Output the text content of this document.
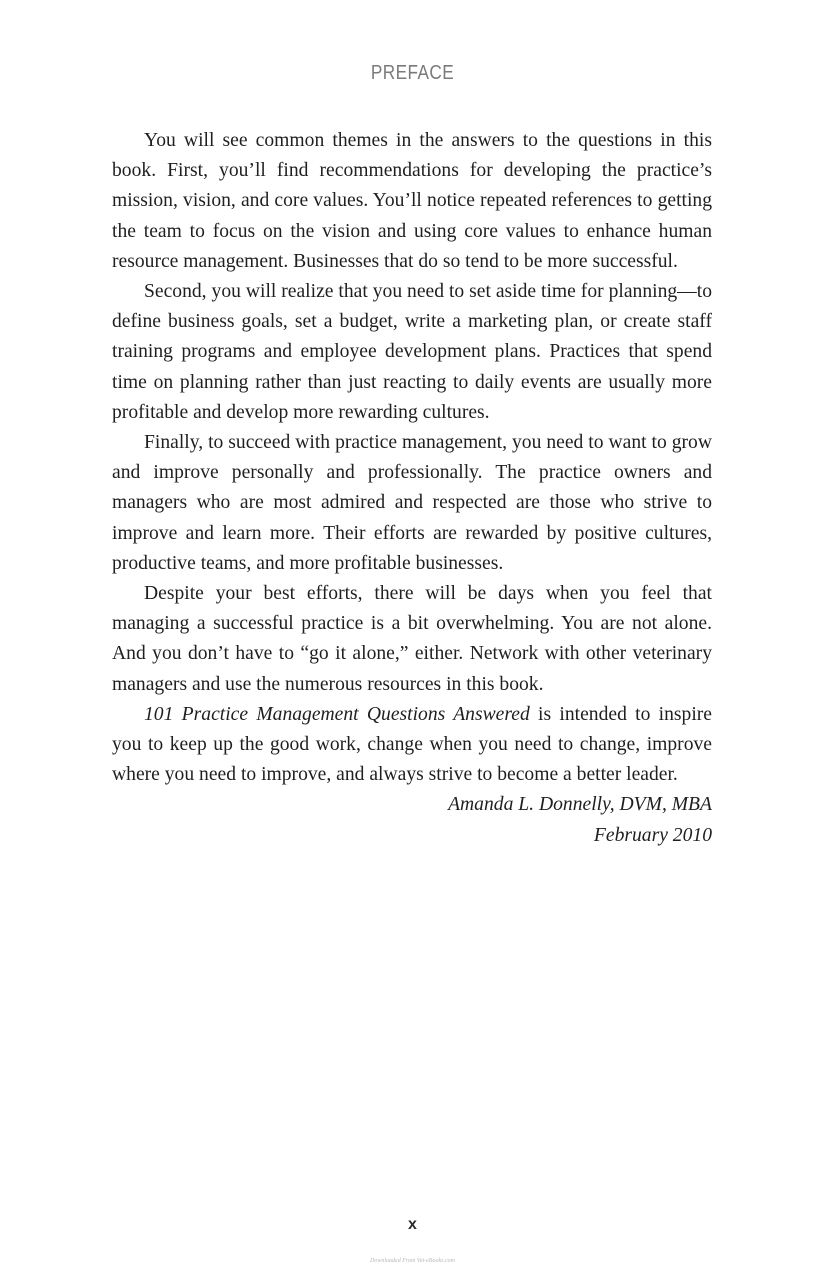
PREFACE

You will see common themes in the answers to the questions in this book. First, you’ll find recommendations for developing the practice’s mission, vision, and core values. You’ll notice repeated references to getting the team to focus on the vision and using core values to enhance human resource management. Businesses that do so tend to be more successful.

Second, you will realize that you need to set aside time for planning—to define business goals, set a budget, write a marketing plan, or create staff training programs and employee development plans. Practices that spend time on planning rather than just reacting to daily events are usually more profitable and develop more rewarding cultures.

Finally, to succeed with practice management, you need to want to grow and improve personally and professionally. The practice owners and managers who are most admired and respected are those who strive to improve and learn more. Their efforts are rewarded by positive cultures, productive teams, and more profitable businesses.

Despite your best efforts, there will be days when you feel that managing a successful practice is a bit overwhelming. You are not alone. And you don’t have to “go it alone,” either. Network with other veterinary managers and use the numerous resources in this book.

101 Practice Management Questions Answered is intended to inspire you to keep up the good work, change when you need to change, improve where you need to improve, and always strive to become a better leader.

Amanda L. Donnelly, DVM, MBA
February 2010
x
Downloaded From Vet-eBooks.com
